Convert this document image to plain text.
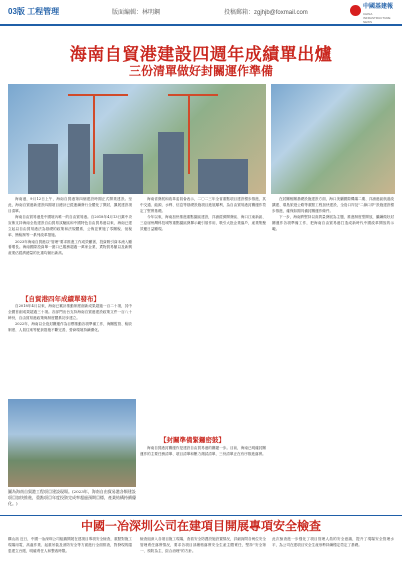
03版 工程管理	版面編輯：林明鋼	投稿郵箱：zgjhjb@foxmail.com
中國基建報
CHINA INFRASTRUCTURE NEWS
海南自貿港建設四週年成績單出爐
三份清單做好封關運作準備

海南港，9月12日上午，海南自貿港第四個建設時期正式開業建設。至此，海南自貿港新建設四期項目總計已經連續發行全體化了開封，擴展建設項目清單。

海南自由貿易港是中國境內唯一的自由貿易港。自2018年4月13日黨中央宣佈支持海南全島建設自由貿易試驗區和中國特色自由貿易港以來，海南已建立起以自由貿易港法為基礎的政策和法規體系，公佈並實施了零關稅、低稅率、簡稅制等一系列改革措施。

2023年海南自貿港以"管理"要求推進工作成效顯著，投資吸引資本流入顯著增長。海南國際投資單一窗口已服務超過一萬家企業，貨物貿易額以及新興產業佔經濟總量的比重均創出新高。

【自貿港四年成績單發布】

自2018年4月以來，海南已累計推動制度創新成果超過一百二十項，其中全國首創成果超過三十項。各部門出台支持海南自貿港建設政策文件一百八十餘份，自由貿易港政策與制度體系初步建立。

2022年，海南以全島封關運作為目標推動各項準備工作，海關監管、稅收制度、人員往來等配套措施不斷完善，營商環境持續優化。

圖為海南自貿港工程項目建設現場。(2023年，海南自由貿易港各類建設項目加快推進，重點項目年度投資完成率超過預期目標，產業結構持續優化。)

海南省發展和改革委員會表示，二〇二三年全省重點項目建設穩步推進，其中交通、能源、水利、信息等基礎設施項目進展順利，為自由貿易港封關運作奠定了堅實基礎。

今年以來，海南加快推進重點園區建設，洋浦經濟開發區、海口江東新區、三亞崖州灣科技城等重點園區發揮示範引領作用，吸引大批企業落戶，產業集聚效應日益顯現。

【封關準備緊鑼密鼓】

海南自貿港封關運作是建設自由貿易港的關鍵一步。目前，海南已明確封關運作的主要任務清單、項目清單和壓力測試清單，三份清單正在有序推進落實。

在封關相關基礎設施建設方面，海口美蘭國際機場二期、洋浦港區航道改擴建、環島旅遊公路等重點工程加快建設，全島口岸及"二線口岸"設施建設穩步推進，確保如期具備封關運作條件。

下一步，海南將堅持以高質量發展為主題，推進制度型開放，繼續做好封關運作各項準備工作，把海南自由貿易港打造成新時代中國改革開放的示範。

中國一冶深圳公司在建項目開展專項安全檢查
構山訊 近日，中國一冶深圳公司組織開展在建項目專項安全檢查，重點對施工現場用電、高處作業、起重吊裝及消防安全等方面進行全面排查，對發現的隱患建立台賬，明確責任人和整改時限。
檢查組深入各項目施工現場，查看安全防護設施設置情況，詳細詢問各崗位安全管理責任落實情況，要求各項目部嚴格落實安全生產主體責任，堅持"安全第一、預防為主、綜合治理"的方針。
此次檢查進一步強化了項目管理人員的安全意識，提升了現場安全管理水平，為公司在建項目安全生產形勢持續穩定奠定了基礎。
